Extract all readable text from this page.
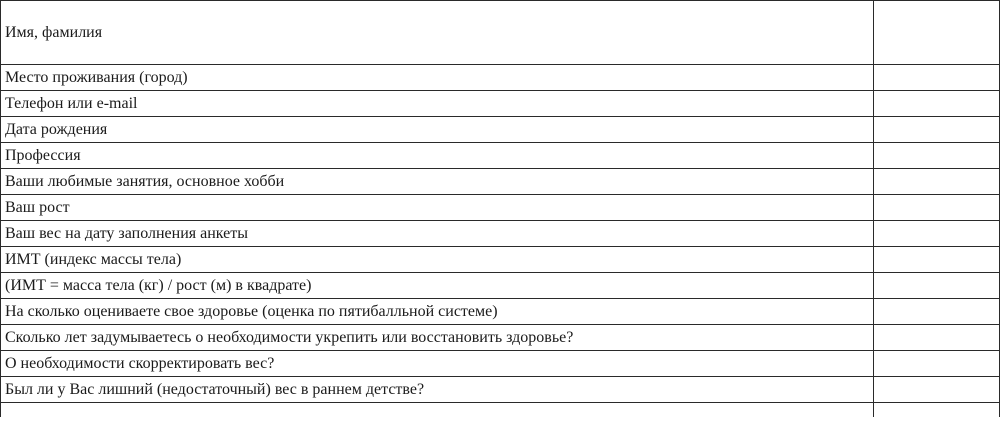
Имя, фамилия	
Место проживания (город)	
Телефон или e-mail	
Дата рождения	
Профессия	
Ваши любимые занятия, основное хобби	
Ваш рост	
Ваш вес на дату заполнения анкеты	
ИМТ (индекс массы тела)	
(ИМТ = масса тела (кг) / рост (м) в квадрате)	
На сколько оцениваете свое здоровье (оценка по пятибалльной системе)	
Сколько лет задумываетесь о необходимости укрепить или восстановить здоровье?	
О необходимости скорректировать вес?	
Был ли у Вас лишний (недостаточный) вес в раннем детстве?	
